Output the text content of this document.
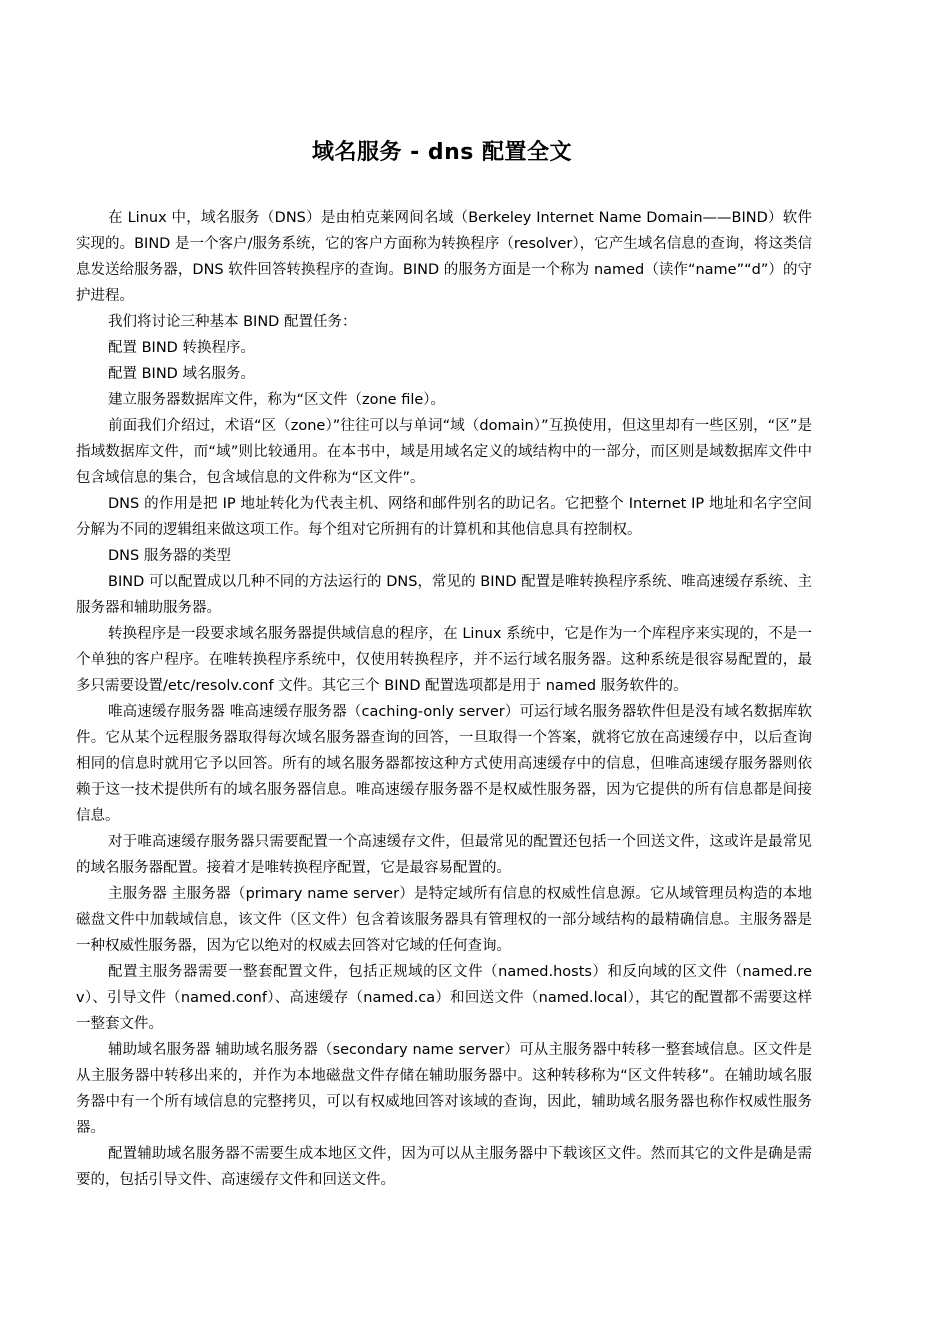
域名服务 - dns 配置全文

在 Linux 中，域名服务（DNS）是由柏克莱网间名域（Berkeley Internet Name Domain——BIND）软件实现的。BIND 是一个客户/服务系统，它的客户方面称为转换程序（resolver），它产生域名信息的查询，将这类信息发送给服务器，DNS 软件回答转换程序的查询。BIND 的服务方面是一个称为 named（读作“name”“d”）的守护进程。

我们将讨论三种基本 BIND 配置任务：

配置 BIND 转换程序。

配置 BIND 域名服务。

建立服务器数据库文件，称为“区文件（zone file）。

前面我们介绍过，术语“区（zone）”往往可以与单词“域（domain）”互换使用，但这里却有一些区别，“区”是指域数据库文件，而“域”则比较通用。在本书中，域是用域名定义的域结构中的一部分，而区则是域数据库文件中包含域信息的集合，包含域信息的文件称为“区文件”。

DNS 的作用是把 IP 地址转化为代表主机、网络和邮件别名的助记名。它把整个 Internet IP 地址和名字空间分解为不同的逻辑组来做这项工作。每个组对它所拥有的计算机和其他信息具有控制权。

DNS 服务器的类型

BIND 可以配置成以几种不同的方法运行的 DNS，常见的 BIND 配置是唯转换程序系统、唯高速缓存系统、主服务器和辅助服务器。

转换程序是一段要求域名服务器提供域信息的程序，在 Linux 系统中，它是作为一个库程序来实现的，不是一个单独的客户程序。在唯转换程序系统中，仅使用转换程序，并不运行域名服务器。这种系统是很容易配置的，最多只需要设置/etc/resolv.conf 文件。其它三个 BIND 配置选项都是用于 named 服务软件的。

唯高速缓存服务器 唯高速缓存服务器（caching-only server）可运行域名服务器软件但是没有域名数据库软件。它从某个远程服务器取得每次域名服务器查询的回答，一旦取得一个答案，就将它放在高速缓存中，以后查询相同的信息时就用它予以回答。所有的域名服务器都按这种方式使用高速缓存中的信息，但唯高速缓存服务器则依赖于这一技术提供所有的域名服务器信息。唯高速缓存服务器不是权威性服务器，因为它提供的所有信息都是间接信息。

对于唯高速缓存服务器只需要配置一个高速缓存文件，但最常见的配置还包括一个回送文件，这或许是最常见的域名服务器配置。接着才是唯转换程序配置，它是最容易配置的。

主服务器 主服务器（primary name server）是特定域所有信息的权威性信息源。它从域管理员构造的本地磁盘文件中加载域信息，该文件（区文件）包含着该服务器具有管理权的一部分域结构的最精确信息。主服务器是一种权威性服务器，因为它以绝对的权威去回答对它域的任何查询。

配置主服务器需要一整套配置文件，包括正规域的区文件（named.hosts）和反向域的区文件（named.rev）、引导文件（named.conf）、高速缓存（named.ca）和回送文件（named.local），其它的配置都不需要这样一整套文件。

辅助域名服务器 辅助域名服务器（secondary name server）可从主服务器中转移一整套域信息。区文件是从主服务器中转移出来的，并作为本地磁盘文件存储在辅助服务器中。这种转移称为“区文件转移”。在辅助域名服务器中有一个所有域信息的完整拷贝，可以有权威地回答对该域的查询，因此，辅助域名服务器也称作权威性服务器。

配置辅助域名服务器不需要生成本地区文件，因为可以从主服务器中下载该区文件。然而其它的文件是确是需要的，包括引导文件、高速缓存文件和回送文件。
